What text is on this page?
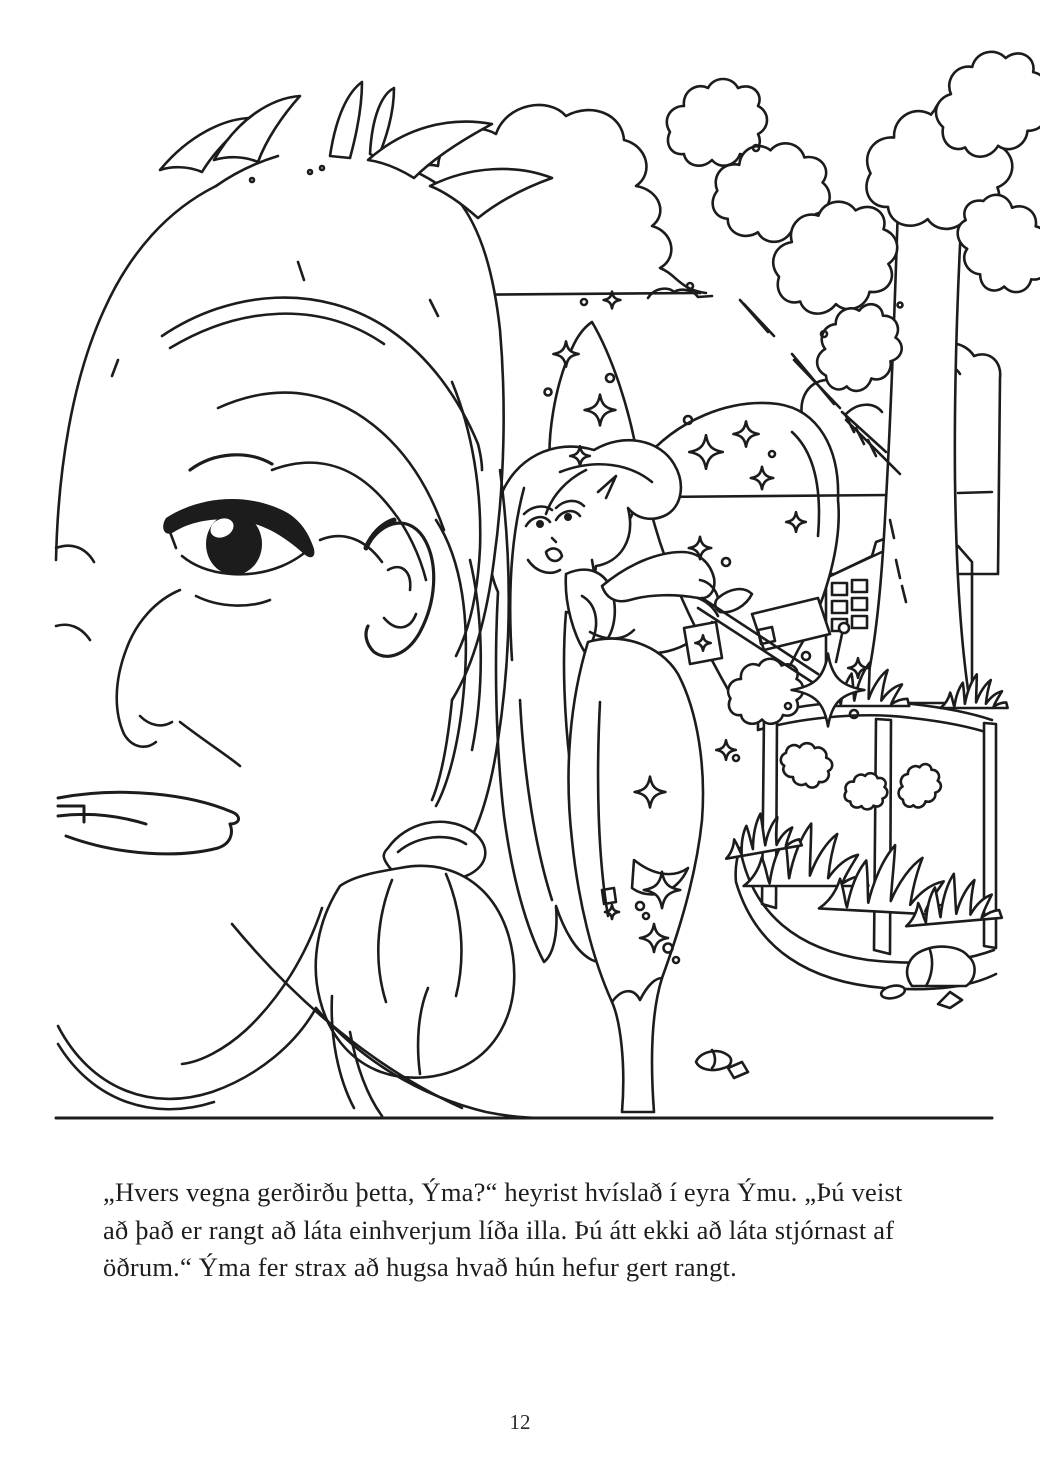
„Hvers vegna gerðirðu þetta, Ýma?“ heyrist hvíslað í eyra Ýmu. „Þú veist
að það er rangt að láta einhverjum líða illa. Þú átt ekki að láta stjórnast af
öðrum.“ Ýma fer strax að hugsa hvað hún hefur gert rangt.
12
